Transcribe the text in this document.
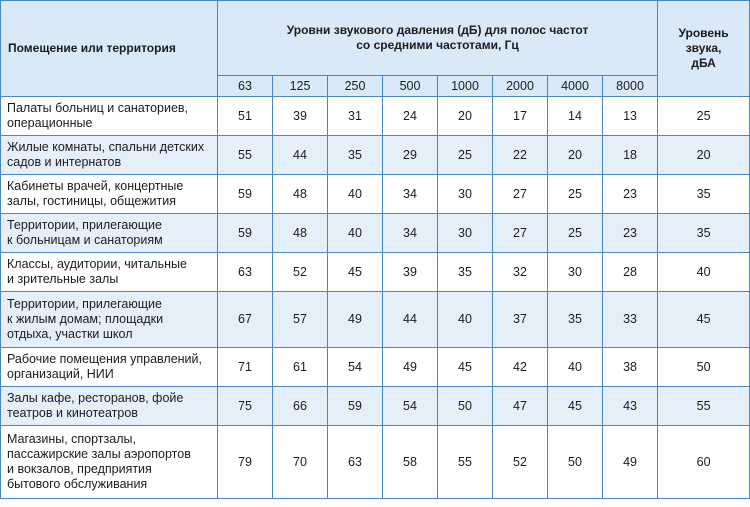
Помещение или территория	Уровни звукового давления (дБ) для полос частот
со средними частотами, Гц								Уровень
звука,
дБА
	63	125	250	500	1000	2000	4000	8000	

Палаты больниц и санаториев,
операционные	51	39	31	24	20	17	14	13	25

Жилые комнаты, спальни детских
садов и интернатов	55	44	35	29	25	22	20	18	20

Кабинеты врачей, концертные
залы, гостиницы, общежития	59	48	40	34	30	27	25	23	35

Территории, прилегающие
к больницам и санаториям	59	48	40	34	30	27	25	23	35

Классы, аудитории, читальные
и зрительные залы	63	52	45	39	35	32	30	28	40

Территории, прилегающие
к жилым домам; площадки
отдыха, участки школ	67	57	49	44	40	37	35	33	45

Рабочие помещения управлений,
организаций, НИИ	71	61	54	49	45	42	40	38	50

Залы кафе, ресторанов, фойе
театров и кинотеатров	75	66	59	54	50	47	45	43	55

Магазины, спортзалы,
пассажирские залы аэропортов
и вокзалов, предприятия
бытового обслуживания	79	70	63	58	55	52	50	49	60
